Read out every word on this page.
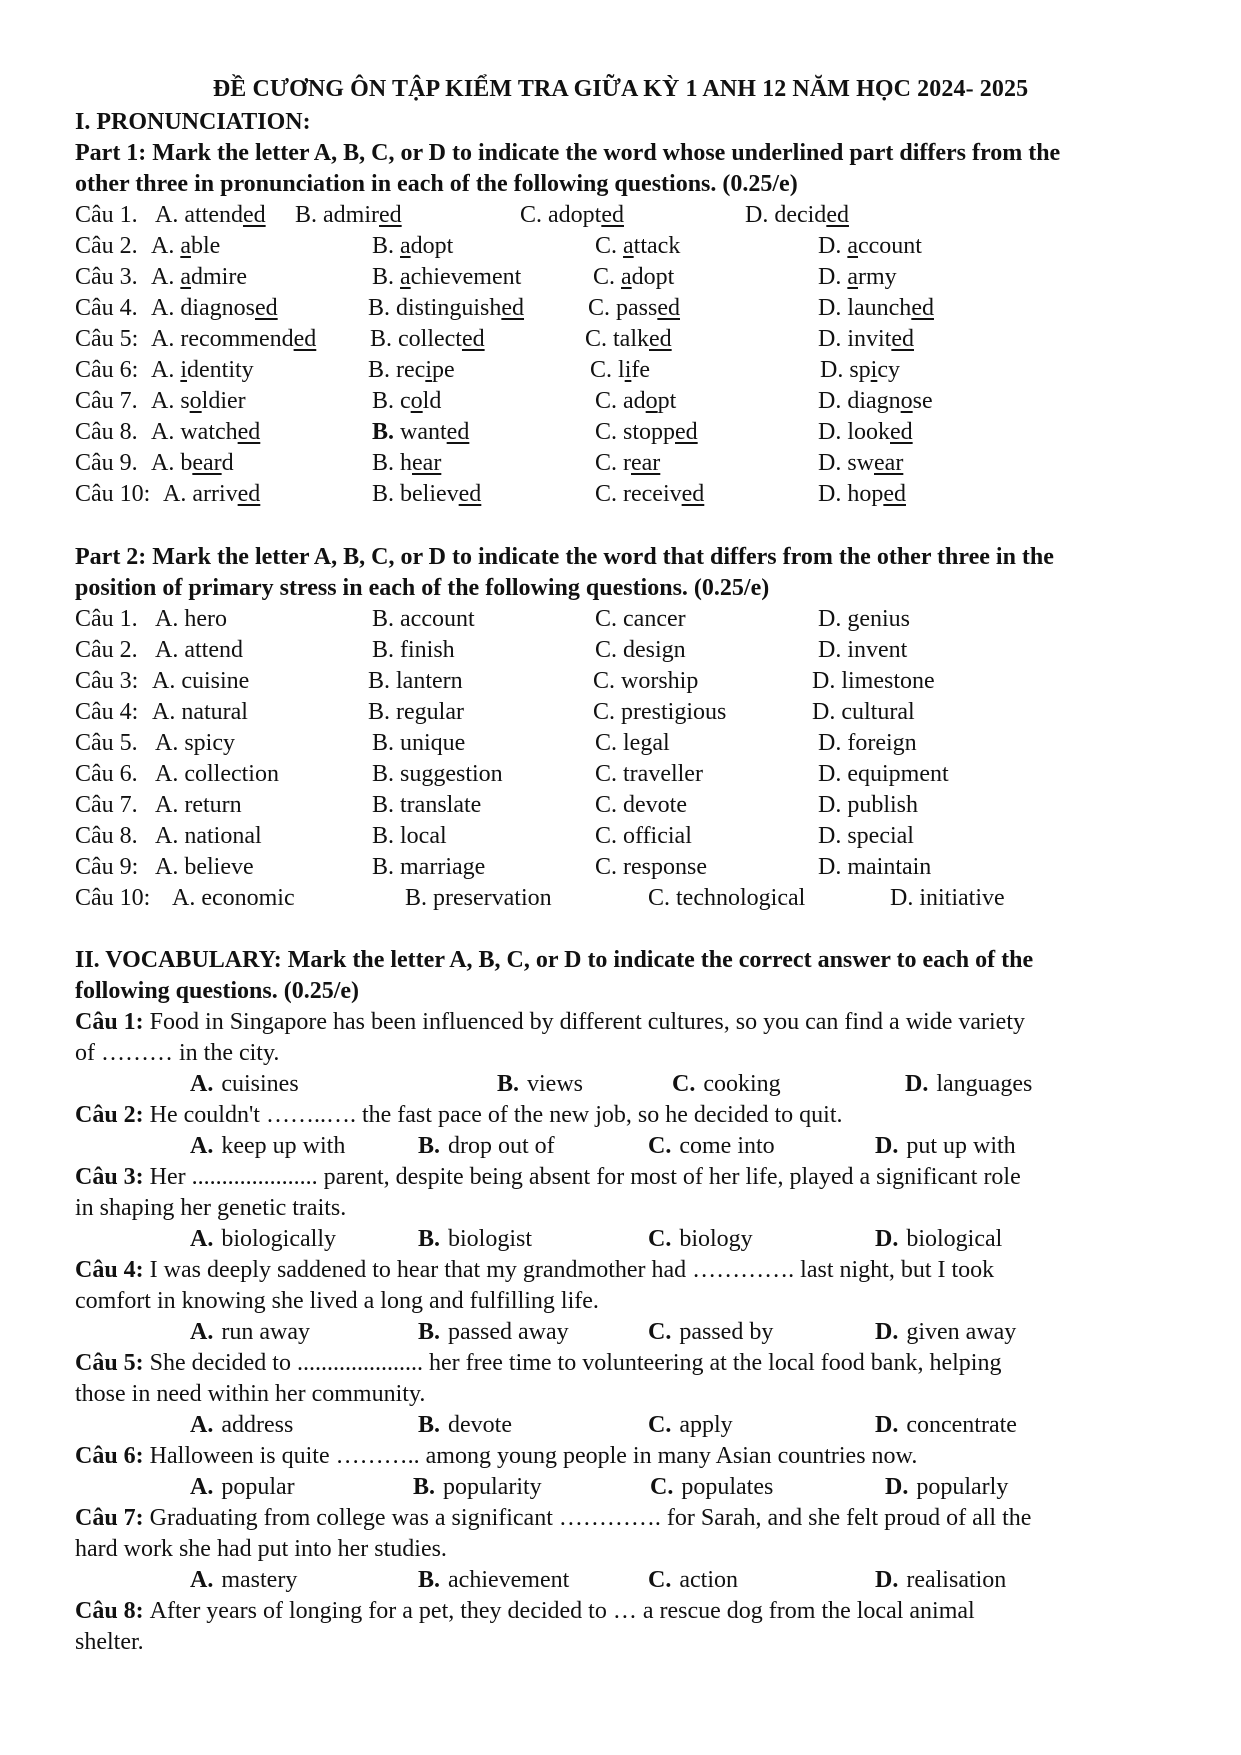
ĐỀ CƯƠNG ÔN TẬP KIỂM TRA GIỮA KỲ 1 ANH 12 NĂM HỌC 2024- 2025
I. PRONUNCIATION:
Part 1: Mark the letter A, B, C, or D to indicate the word whose underlined part differs from the
other three in pronunciation in each of the following questions. (0.25/e)
Câu 1. A. attended B. admired	C. adopted	D. decided
Câu 2. A. able	B. adopt	C. attack	D. account
Câu 3. A. admire	B. achievement	C. adopt	D. army
Câu 4. A. diagnosed	B. distinguished	C. passed	D. launched
Câu 5: A. recommended B. collected	C. talked	D. invited
Câu 6: A. identity	B. recipe	C. life	D. spicy
Câu 7. A. soldier	B. cold	C. adopt	D. diagnose
Câu 8. A. watched	B. wanted	C. stopped	D. looked
Câu 9. A. beard	B. hear	C. rear	D. swear
Câu 10: A. arrived	B. believed	C. received	D. hoped
Part 2: Mark the letter A, B, C, or D to indicate the word that differs from the other three in the
position of primary stress in each of the following questions. (0.25/e)
Câu 1. A. hero	B. account	C. cancer	D. genius
Câu 2. A. attend	B. finish	C. design	D. invent
Câu 3: A. cuisine	B. lantern	C. worship	D. limestone
Câu 4: A. natural	B. regular	C. prestigious	D. cultural
Câu 5. A. spicy	B. unique	C. legal	D. foreign
Câu 6. A. collection	B. suggestion	C. traveller	D. equipment
Câu 7. A. return	B. translate	C. devote	D. publish
Câu 8. A. national	B. local	C. official	D. special
Câu 9: A. believe	B. marriage	C. response	D. maintain
Câu 10: A. economic	B. preservation	C. technological	D. initiative
II. VOCABULARY: Mark the letter A, B, C, or D to indicate the correct answer to each of the
following questions. (0.25/e)
Câu 1: Food in Singapore has been influenced by different cultures, so you can find a wide variety
of ……… in the city.
A. cuisines	B. views	C. cooking	D. languages
Câu 2: He couldn't ……..…. the fast pace of the new job, so he decided to quit.
A. keep up with	B. drop out of	C. come into	D. put up with
Câu 3: Her ..................... parent, despite being absent for most of her life, played a significant role
in shaping her genetic traits.
A. biologically	B. biologist	C. biology	D. biological
Câu 4: I was deeply saddened to hear that my grandmother had …………. last night, but I took
comfort in knowing she lived a long and fulfilling life.
A. run away	B. passed away	C. passed by	D. given away
Câu 5: She decided to ..................... her free time to volunteering at the local food bank, helping
those in need within her community.
A. address	B. devote	C. apply	D. concentrate
Câu 6: Halloween is quite ……….. among young people in many Asian countries now.
A. popular	B. popularity	C. populates	D. popularly
Câu 7: Graduating from college was a significant …………. for Sarah, and she felt proud of all the
hard work she had put into her studies.
A. mastery	B. achievement	C. action	D. realisation
Câu 8: After years of longing for a pet, they decided to … a rescue dog from the local animal
shelter.
